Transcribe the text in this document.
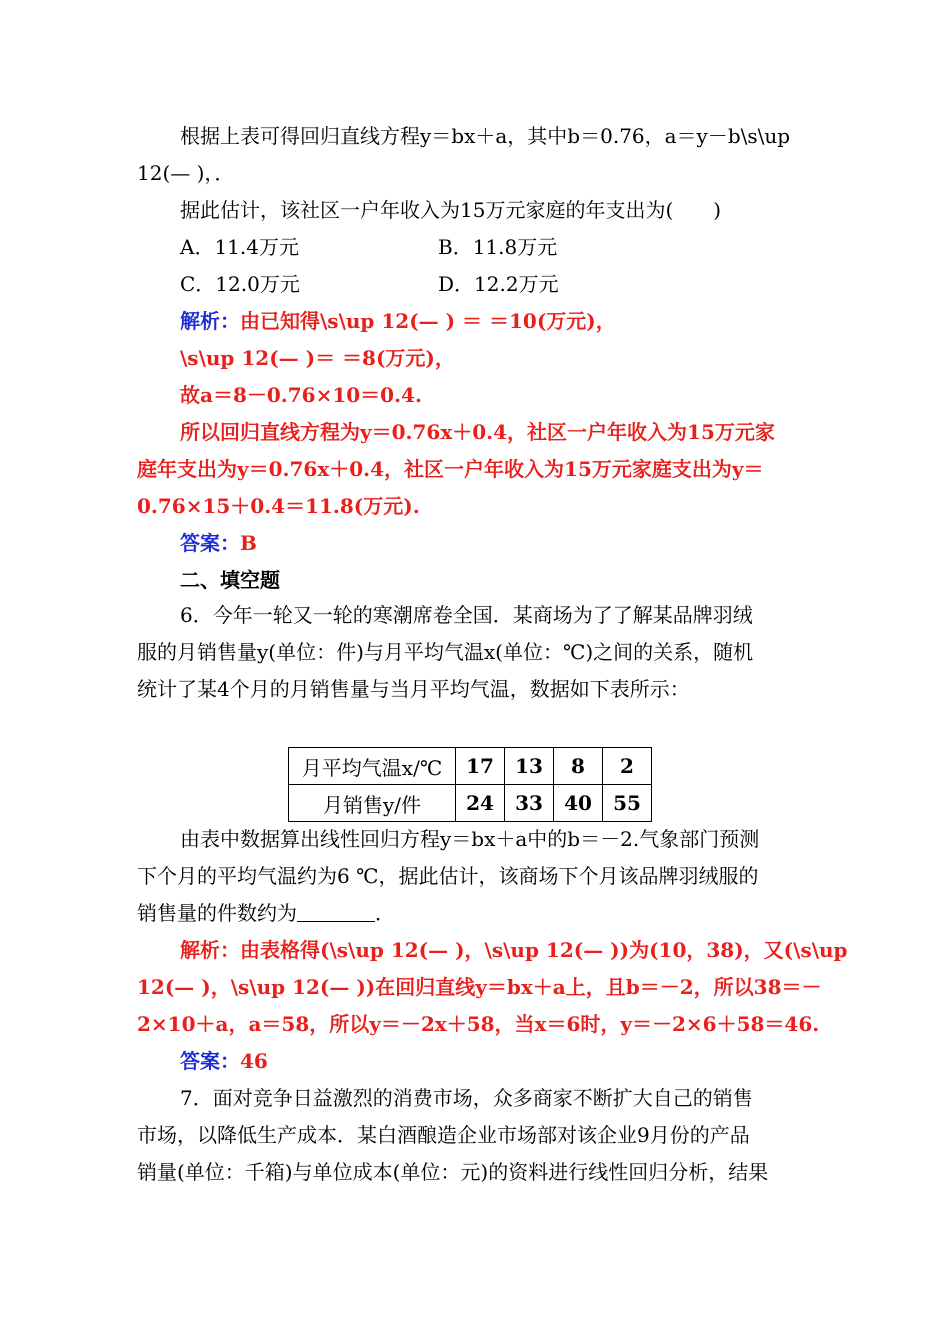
根据上表可得回归直线方程y＝bx＋a，其中b＝0.76，a＝y－b\s\up
12(— )，．
据此估计，该社区一户年收入为15万元家庭的年支出为(　　)
A．11.4万元	B．11.8万元
C．12.0万元	D．12.2万元
解析：由已知得\s\up 12(— ) ＝ ＝10(万元)，
\s\up 12(— )＝ ＝8(万元)，
故a＝8－0.76×10＝0.4.
所以回归直线方程为y＝0.76x＋0.4，社区一户年收入为15万元家
庭年支出为y＝0.76x＋0.4，社区一户年收入为15万元家庭支出为y＝
0.76×15＋0.4＝11.8(万元).
答案：B
二、填空题
6．今年一轮又一轮的寒潮席卷全国．某商场为了了解某品牌羽绒
服的月销售量y(单位：件)与月平均气温x(单位：℃)之间的关系，随机
统计了某4个月的月销售量与当月平均气温，数据如下表所示：
月平均气温x/℃	17	13	8	2
月销售y/件	24	33	40	55
由表中数据算出线性回归方程y＝bx＋a中的b＝－2.气象部门预测
下个月的平均气温约为6 ℃，据此估计，该商场下个月该品牌羽绒服的
销售量的件数约为	．
解析：由表格得(\s\up 12(— )，\s\up 12(— ))为(10，38)，又(\s\up
12(— )，\s\up 12(— ))在回归直线y＝bx＋a上，且b＝－2，所以38＝－
2×10＋a，a＝58，所以y＝－2x＋58，当x＝6时，y＝－2×6＋58＝46.
答案：46
7．面对竞争日益激烈的消费市场，众多商家不断扩大自己的销售
市场，以降低生产成本．某白酒酿造企业市场部对该企业9月份的产品
销量(单位：千箱)与单位成本(单位：元)的资料进行线性回归分析，结果
